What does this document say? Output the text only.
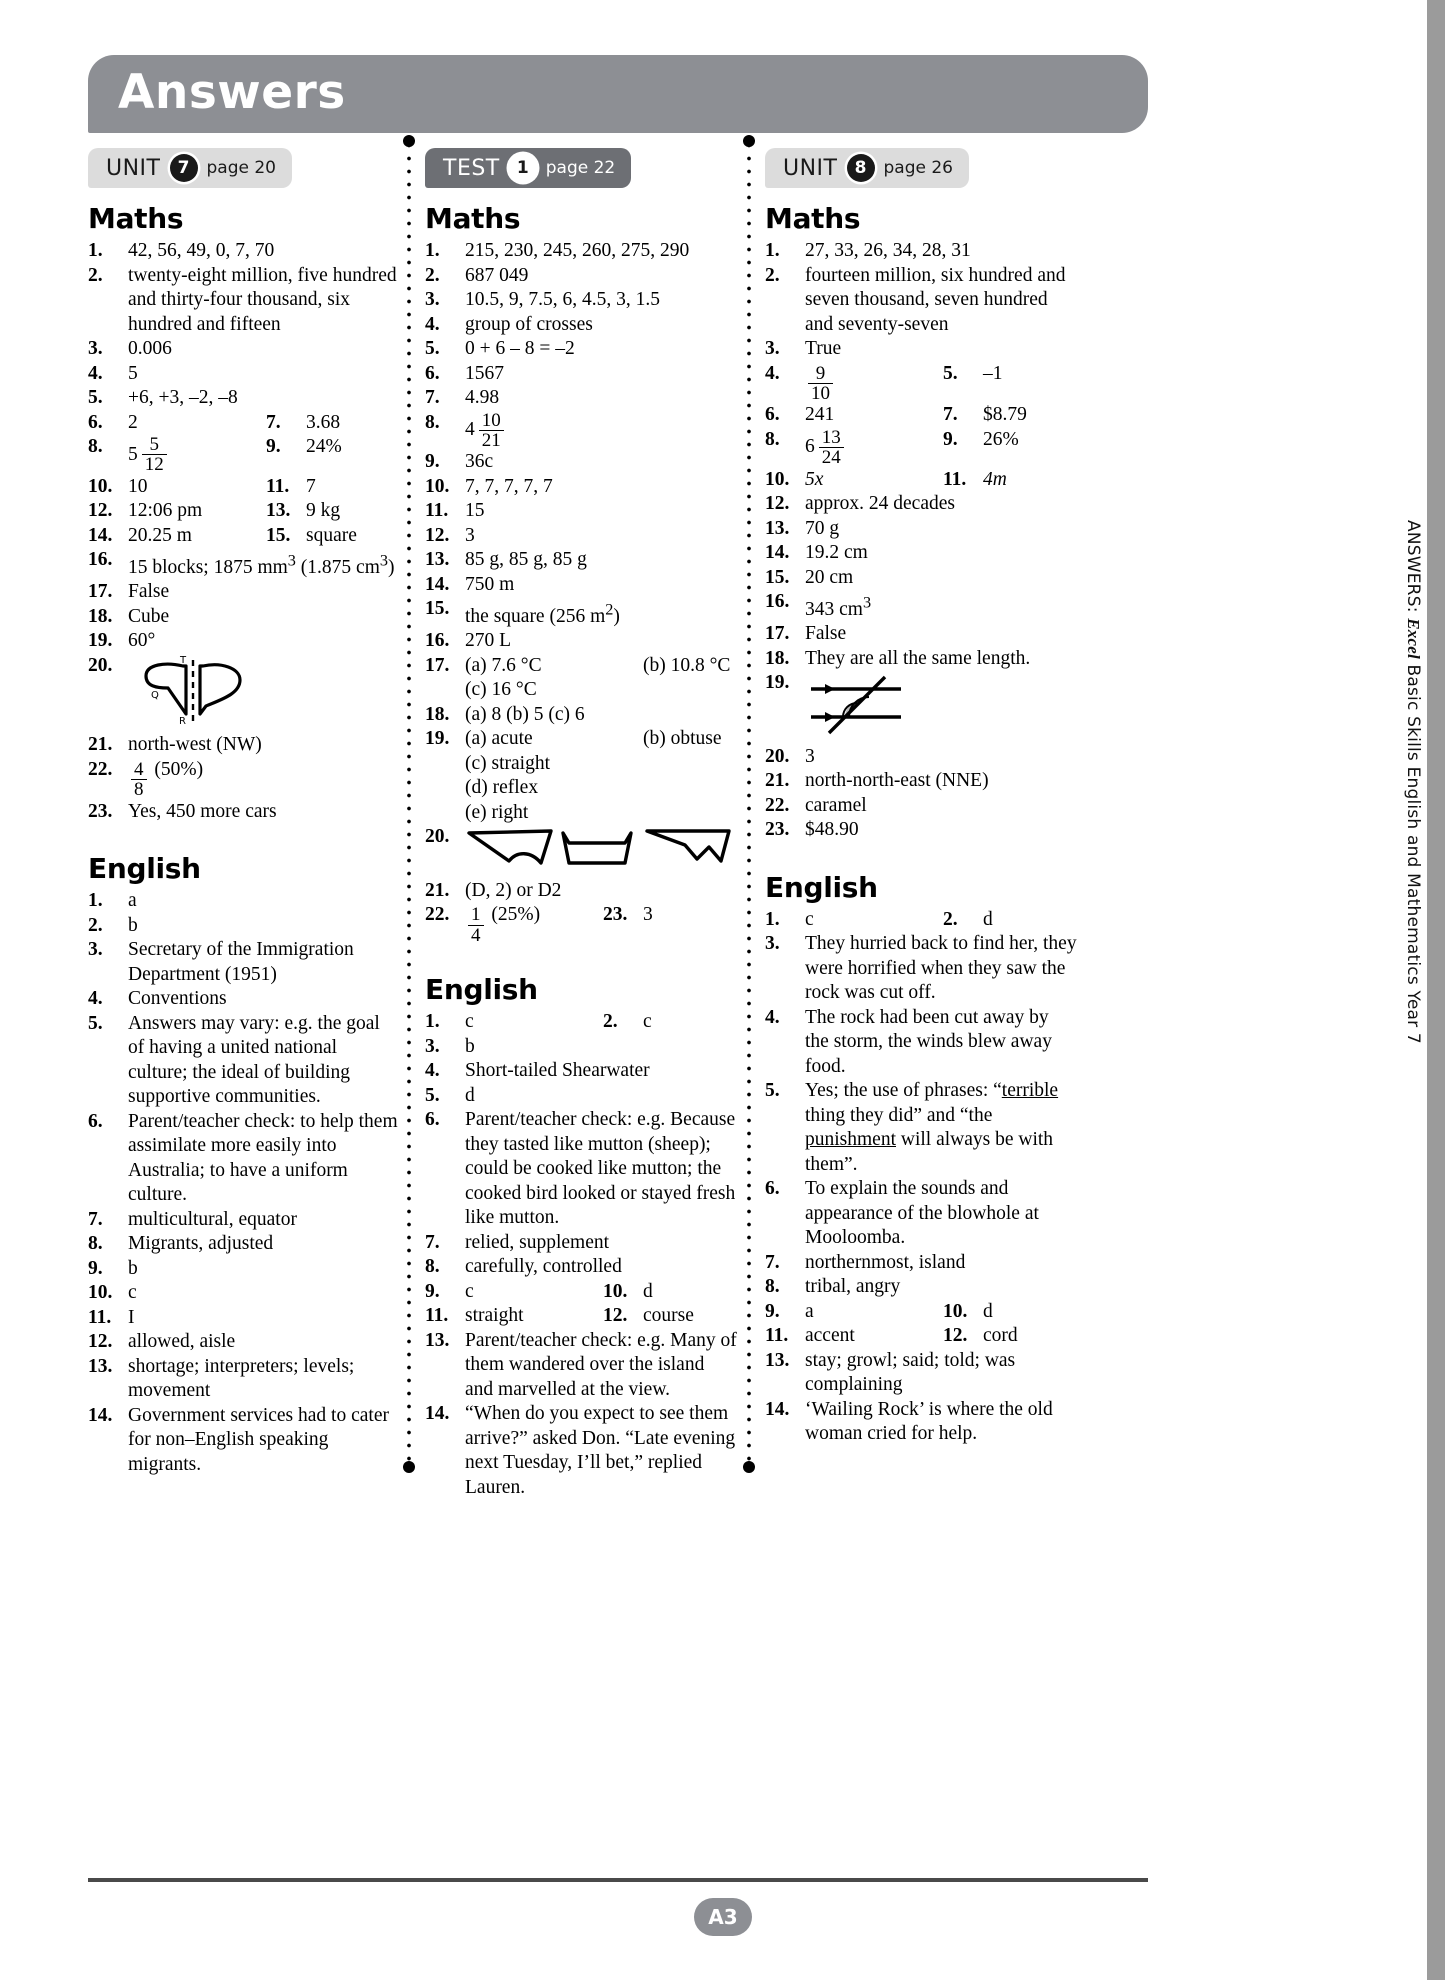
Answers
UNIT	7	page 20
Maths
1.	42, 56, 49, 0, 7, 70
2.	twenty-eight million, five hundred and thirty-four thousand, six hundred and fifteen
3.	0.006
4.	5
5.	+6, +3, –2, –8
6.	2	7.	3.68
8.	$5 \frac{5}{12}$	9.	24%
10. 10	11. 7
12. 12:06 pm	13. 9 kg
14. 20.25 m	15. square
16. 15 blocks; 1875 $mm^3$ (1.875 $cm^3$)
17. False
18. Cube
19. 60°
20.	T
Q
R
21. north-west (NW)
22. $\frac{4}{8} (50\%)$
23. Yes, 450 more cars
English
1.	a
2.	b
3.	Secretary of the Immigration Department (1951)
4.	Conventions
5.	Answers may vary: e.g. the goal of having a united national culture; the ideal of building supportive communities.
6.	Parent/teacher check: to help them assimilate more easily into Australia; to have a uniform culture.
7.	multicultural, equator
8.	Migrants, adjusted
9.	b
10. c
11. I
12. allowed, aisle
13. shortage; interpreters; levels; movement
14. Government services had to cater for non–English speaking migrants.
TEST	1	page 22
Maths
1.	215, 230, 245, 260, 275, 290
2.	687 049
3.	10.5, 9, 7.5, 6, 4.5, 3, 1.5
4.	group of crosses
5.	0 + 6 – 8 = –2
6.	1567
7.	4.98
8.	$4 \frac{10}{21}$
9.	36c
10. 7, 7, 7, 7, 7
11. 15
12. 3
13. 85 g, 85 g, 85 g
14. 750 m
15. the square (256 $m^2$)
16. 270 L
17. (a) 7.6 °C	(b) 10.8 °C
(c) 16 °C
18. (a) 8 (b) 5 (c) 6
19. (a) acute	(b) obtuse
(c) straight
(d) reflex
(e) right
20.
21. (D, 2) or D2
22. $\frac{1}{4} (25\%)$	23. 3
English
1.	c	2.	c
3.	b
4.	Short-tailed Shearwater
5.	d
6.	Parent/teacher check: e.g. Because they tasted like mutton (sheep); could be cooked like mutton; the cooked bird looked or stayed fresh like mutton.
7.	relied, supplement
8.	carefully, controlled
9.	c	10. d
11. straight	12. course
13. Parent/teacher check: e.g. Many of them wandered over the island and marvelled at the view.
14. “When do you expect to see them arrive?” asked Don. “Late evening next Tuesday, I’ll bet,” replied Lauren.
UNIT	8	page 26
Maths
1.	27, 33, 26, 34, 28, 31
2.	fourteen million, six hundred and seven thousand, seven hundred and seventy-seven
3.	True
4.	$\frac{9}{10}$	5.	–1
6.	241	7.	$8.79
8.	$6 \frac{13}{24}$	9.	26%
10. 5x	11. 4m
12. approx. 24 decades
13. 70 g
14. 19.2 cm
15. 20 cm
16. 343 $cm^3$
17. False
18. They are all the same length.
19.
20. 3
21. north-north-east (NNE)
22. caramel
23. $48.90
English
1.	c	2.	d
3.	They hurried back to find her, they were horrified when they saw the rock was cut off.
4.	The rock had been cut away by the storm, the winds blew away food.
5.	Yes; the use of phrases: “terrible thing they did” and “the punishment will always be with them”.
6.	To explain the sounds and appearance of the blowhole at Mooloomba.
7.	northernmost, island
8.	tribal, angry
9.	a	10. d
11. accent	12. cord
13. stay; growl; said; told; was complaining
14. ‘Wailing Rock’ is where the old woman cried for help.
ANSWERS: Excel Basic Skills English and Mathematics Year 7
A3
